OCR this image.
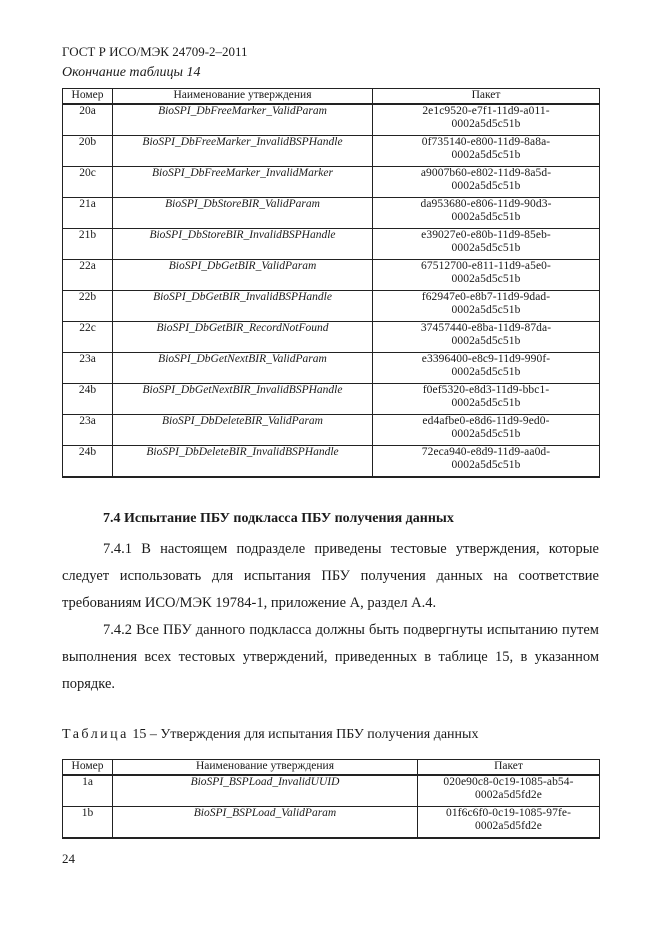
ГОСТ Р ИСО/МЭК 24709-2–2011
Окончание таблицы 14
Номер	Наименование утверждения	Пакет
20a	BioSPI_DbFreeMarker_ValidParam	2e1c9520-e7f1-11d9-a011-
0002a5d5c51b
20b	BioSPI_DbFreeMarker_InvalidBSPHandle	0f735140-e800-11d9-8a8a-
0002a5d5c51b
20c	BioSPI_DbFreeMarker_InvalidMarker	a9007b60-e802-11d9-8a5d-
0002a5d5c51b
21a	BioSPI_DbStoreBIR_ValidParam	da953680-e806-11d9-90d3-
0002a5d5c51b
21b	BioSPI_DbStoreBIR_InvalidBSPHandle	e39027e0-e80b-11d9-85eb-
0002a5d5c51b
22a	BioSPI_DbGetBIR_ValidParam	67512700-e811-11d9-a5e0-
0002a5d5c51b
22b	BioSPI_DbGetBIR_InvalidBSPHandle	f62947e0-e8b7-11d9-9dad-
0002a5d5c51b
22c	BioSPI_DbGetBIR_RecordNotFound	37457440-e8ba-11d9-87da-
0002a5d5c51b
23a	BioSPI_DbGetNextBIR_ValidParam	e3396400-e8c9-11d9-990f-
0002a5d5c51b
24b	BioSPI_DbGetNextBIR_InvalidBSPHandle	f0ef5320-e8d3-11d9-bbc1-
0002a5d5c51b
23a	BioSPI_DbDeleteBIR_ValidParam	ed4afbe0-e8d6-11d9-9ed0-
0002a5d5c51b
24b	BioSPI_DbDeleteBIR_InvalidBSPHandle	72eca940-e8d9-11d9-aa0d-
0002a5d5c51b
7.4 Испытание ПБУ подкласса ПБУ получения данных
7.4.1 В настоящем подразделе приведены тестовые утверждения, которые следует использовать для испытания ПБУ получения данных на соответствие требованиям ИСО/МЭК 19784-1, приложение А, раздел А.4.
7.4.2 Все ПБУ данного подкласса должны быть подвергнуты испытанию путем выполнения всех тестовых утверждений, приведенных в таблице 15, в указанном порядке.
Таблица 15 – Утверждения для испытания ПБУ получения данных
Номер	Наименование утверждения	Пакет
1a	BioSPI_BSPLoad_InvalidUUID	020e90c8-0c19-1085-ab54-
0002a5d5fd2e
1b	BioSPI_BSPLoad_ValidParam	01f6c6f0-0c19-1085-97fe-
0002a5d5fd2e
24
